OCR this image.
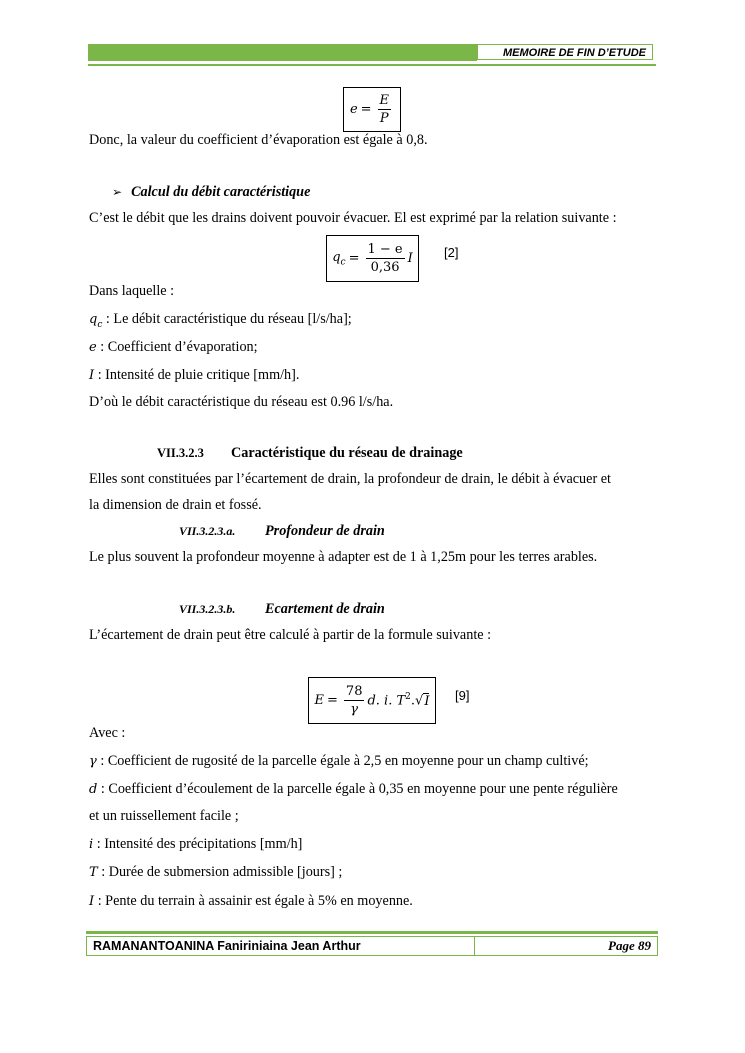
MEMOIRE DE FIN D’ETUDE
$e = \frac{E}{P}$
Donc, la valeur du coefficient d’évaporation est égale à 0,8.
➢ Calcul du débit caractéristique
C’est le débit que les drains doivent pouvoir évacuer. El est exprimé par la relation suivante :
$q_c = \frac{1 - e}{0,36}$ I [2]
Dans laquelle :
$q_c$ : Le débit caractéristique du réseau [l/s/ha];
e : Coefficient d’évaporation;
I : Intensité de pluie critique [mm/h].
D’où le débit caractéristique du réseau est 0.96 l/s/ha.
VII.3.2.3 Caractéristique du réseau de drainage
Elles sont constituées par l’écartement de drain, la profondeur de drain, le débit à évacuer et
la dimension de drain et fossé.
VII.3.2.3.a. Profondeur de drain
Le plus souvent la profondeur moyenne à adapter est de 1 à 1,25m pour les terres arables.
VII.3.2.3.b. Ecartement de drain
L’écartement de drain peut être calculé à partir de la formule suivante :
$E = \frac{78}{\gamma} d$. i. $T^2.√I$ [9]
Avec :
γ : Coefficient de rugosité de la parcelle égale à 2,5 en moyenne pour un champ cultivé;
d : Coefficient d’écoulement de la parcelle égale à 0,35 en moyenne pour une pente régulière
et un ruissellement facile ;
i : Intensité des précipitations [mm/h]
T : Durée de submersion admissible [jours] ;
I : Pente du terrain à assainir est égale à 5% en moyenne.
RAMANANTOANINA Faniriniaina Jean Arthur	Page 89
